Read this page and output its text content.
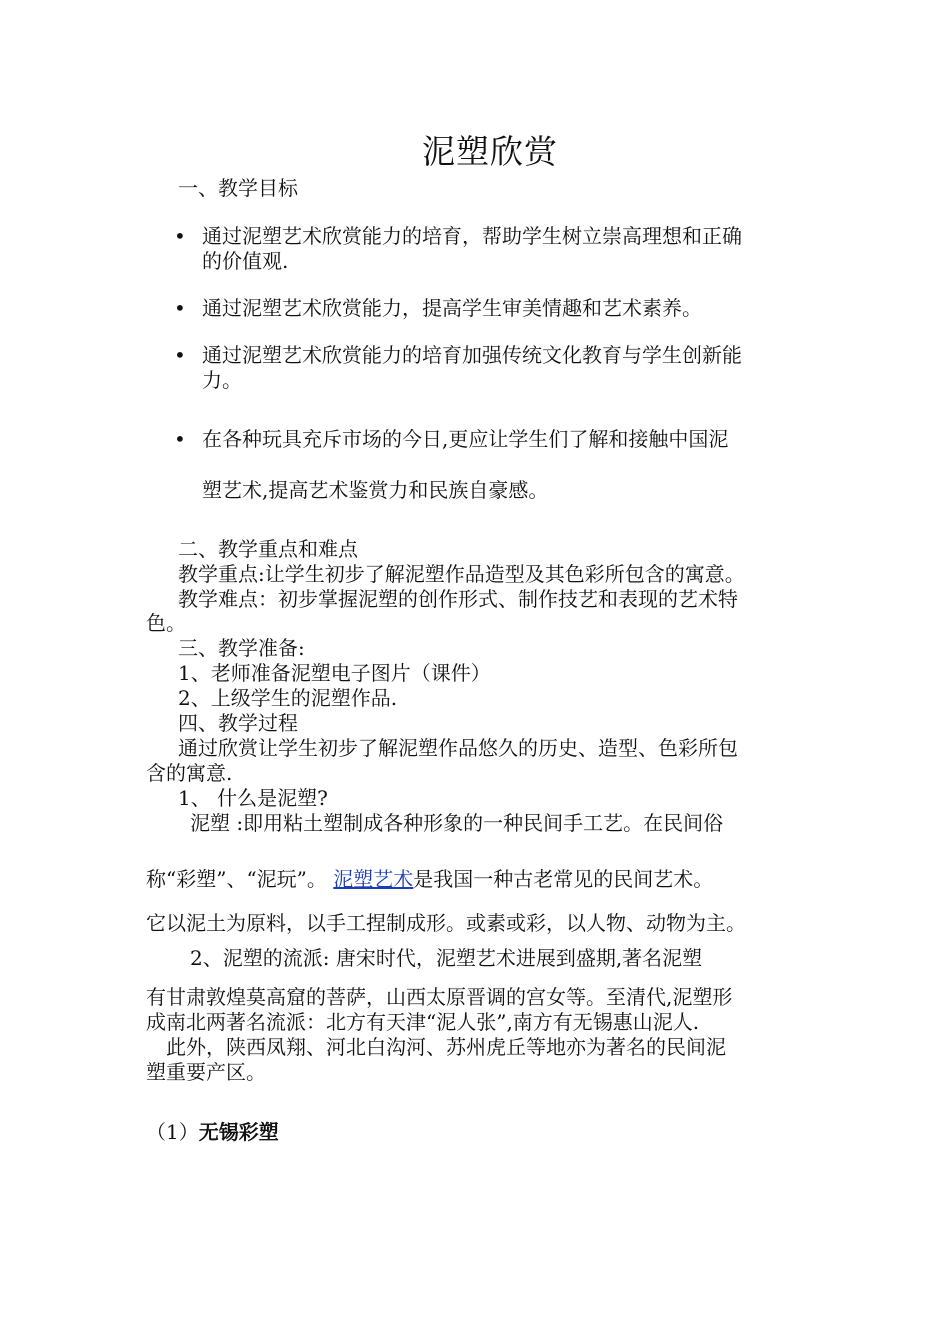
泥塑欣赏
一、教学目标
• 通过泥塑艺术欣赏能力的培育，帮助学生树立崇高理想和正确
的价值观.
• 通过泥塑艺术欣赏能力，提高学生审美情趣和艺术素养。
• 通过泥塑艺术欣赏能力的培育加强传统文化教育与学生创新能
力。
• 在各种玩具充斥市场的今日,更应让学生们了解和接触中国泥
塑艺术,提高艺术鉴赏力和民族自豪感。
二、教学重点和难点
教学重点:让学生初步了解泥塑作品造型及其色彩所包含的寓意。
教学难点：初步掌握泥塑的创作形式、制作技艺和表现的艺术特
色。
三、教学准备:
1、老师准备泥塑电子图片（课件）
2、上级学生的泥塑作品.
四、教学过程
通过欣赏让学生初步了解泥塑作品悠久的历史、造型、色彩所包
含的寓意.
1、 什么是泥塑?
泥塑 :即用粘土塑制成各种形象的一种民间手工艺。在民间俗
称“彩塑”、“泥玩”。 泥塑艺术是我国一种古老常见的民间艺术。
它以泥土为原料，以手工捏制成形。或素或彩，以人物、动物为主。
2、泥塑的流派: 唐宋时代，泥塑艺术进展到盛期,著名泥塑
有甘肃敦煌莫高窟的菩萨，山西太原晋调的宫女等。至清代,泥塑形
成南北两著名流派：北方有天津“泥人张”,南方有无锡惠山泥人.
此外，陕西凤翔、河北白沟河、苏州虎丘等地亦为著名的民间泥
塑重要产区。
（1）无锡彩塑
